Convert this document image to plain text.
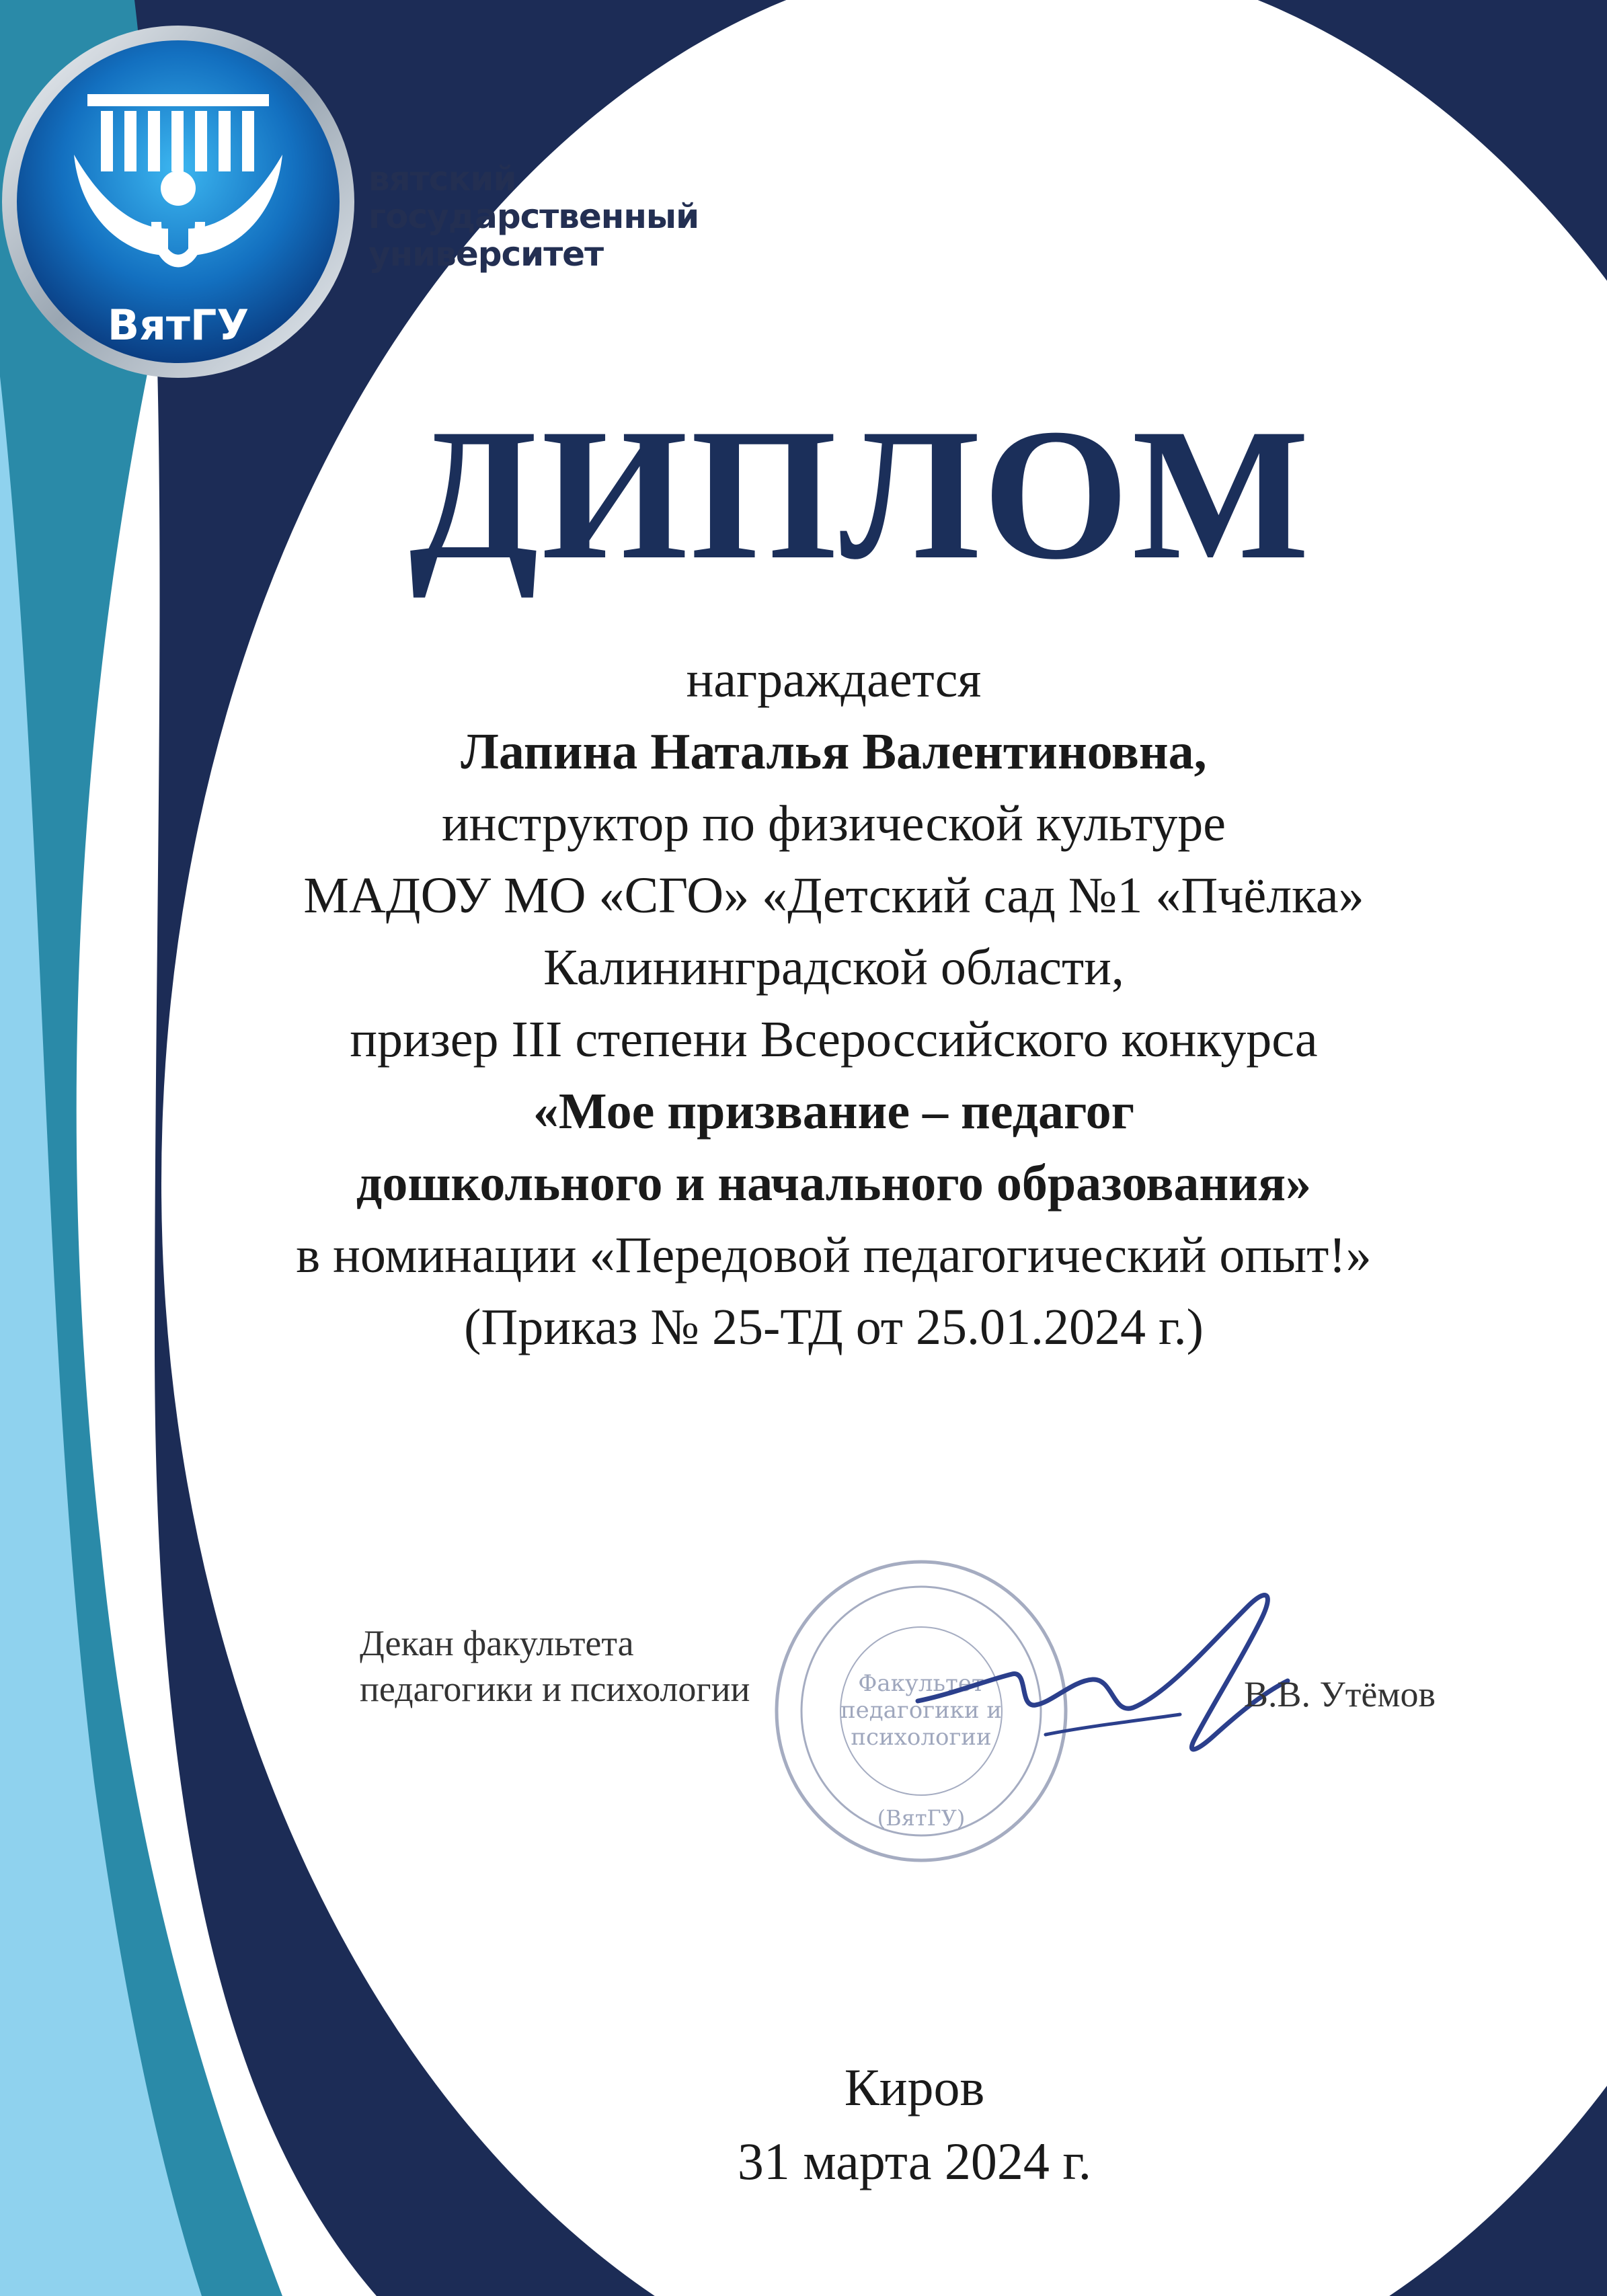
ВятГУ
вятский
государственный
университет
ДИПЛОМ
награждается
Лапина Наталья Валентиновна,
инструктор по физической культуре
МАДОУ МО «СГО» «Детский сад №1 «Пчёлка»
Калининградской области,
призер III степени Всероссийского конкурса
«Мое призвание – педагог
дошкольного и начального образования»
в номинации «Передовой педагогический опыт!»
(Приказ № 25-ТД от 25.01.2024 г.)
Факультет
педагогики и
психологии
(ВятГУ)
Декан факультета
педагогики и психологии	В.В. Утёмов
Киров
31 марта 2024 г.
